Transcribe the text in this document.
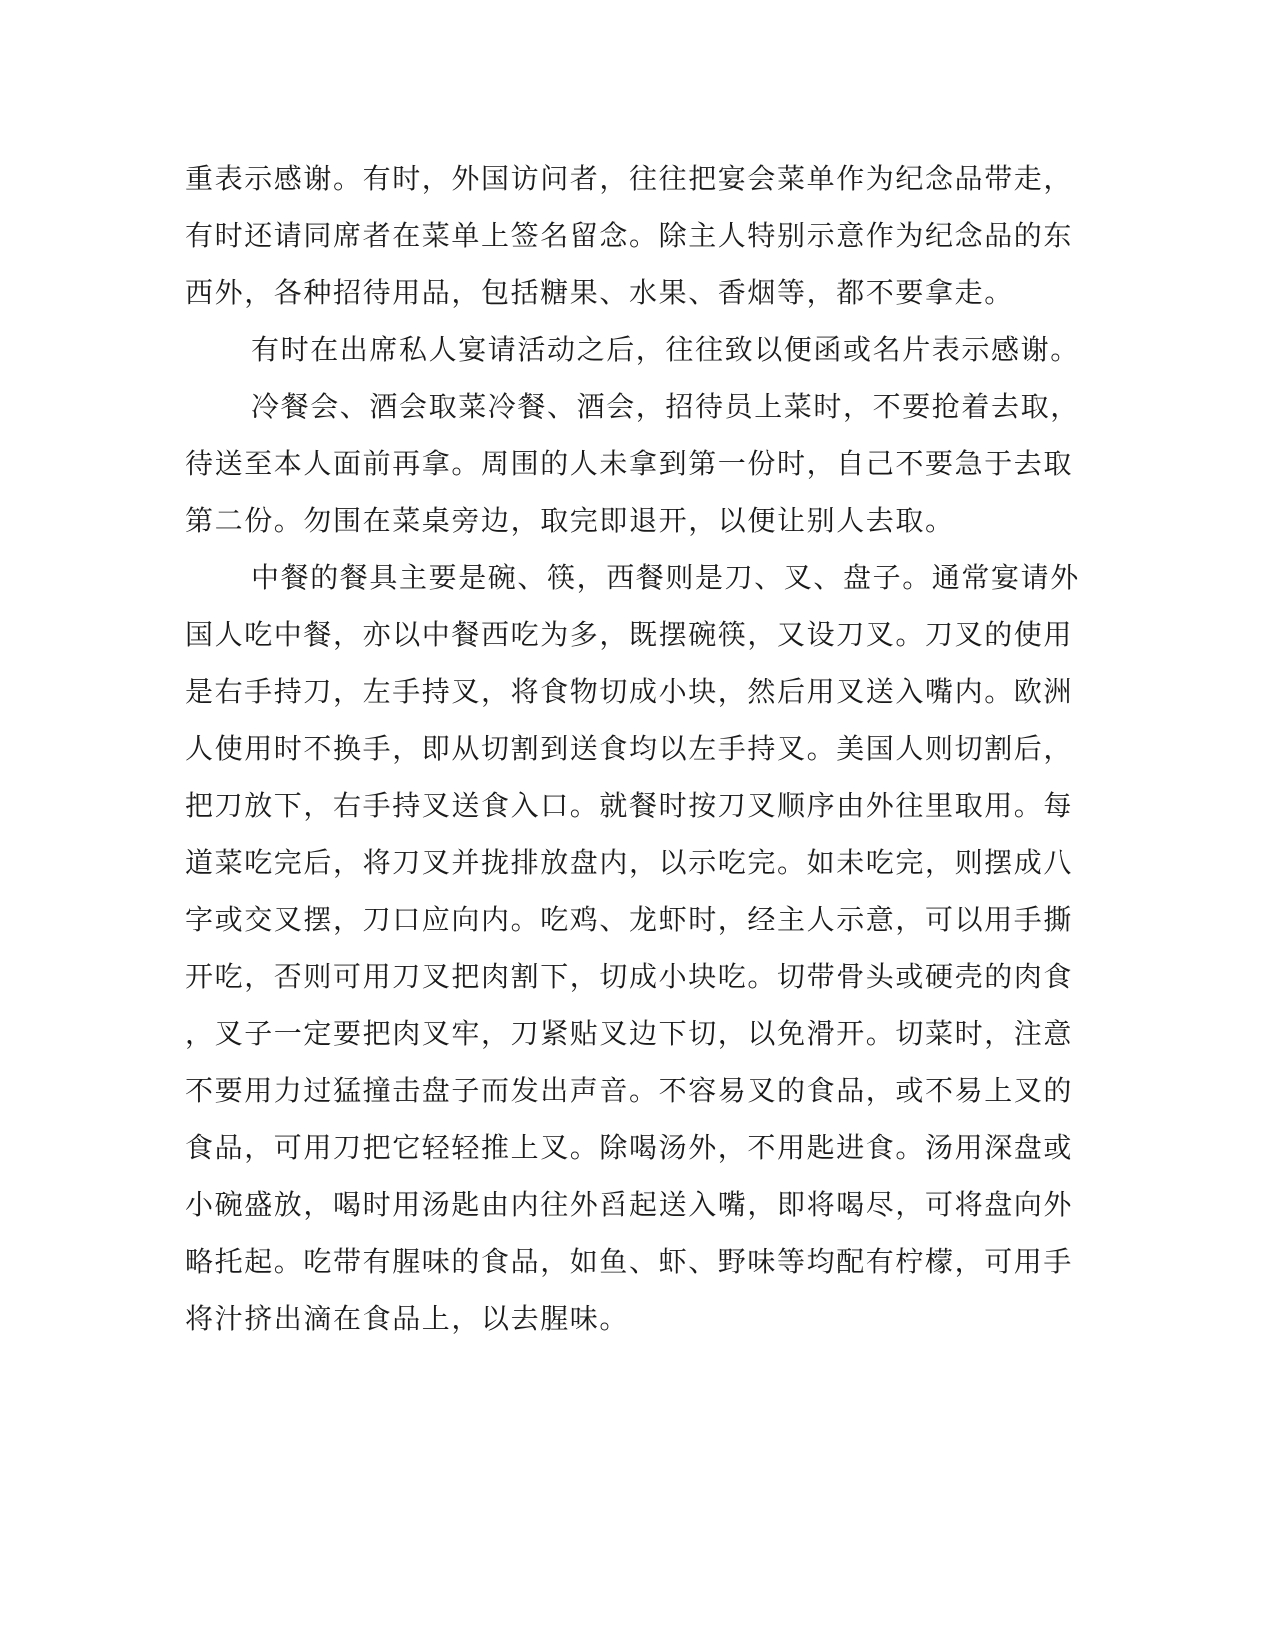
重表示感谢。有时，外国访问者，往往把宴会菜单作为纪念品带走，
有时还请同席者在菜单上签名留念。除主人特别示意作为纪念品的东
西外，各种招待用品，包括糖果、水果、香烟等，都不要拿走。
有时在出席私人宴请活动之后，往往致以便函或名片表示感谢。
冷餐会、酒会取菜冷餐、酒会，招待员上菜时，不要抢着去取，
待送至本人面前再拿。周围的人未拿到第一份时，自己不要急于去取
第二份。勿围在菜桌旁边，取完即退开，以便让别人去取。
中餐的餐具主要是碗、筷，西餐则是刀、叉、盘子。通常宴请外
国人吃中餐，亦以中餐西吃为多，既摆碗筷，又设刀叉。刀叉的使用
是右手持刀，左手持叉，将食物切成小块，然后用叉送入嘴内。欧洲
人使用时不换手，即从切割到送食均以左手持叉。美国人则切割后，
把刀放下，右手持叉送食入口。就餐时按刀叉顺序由外往里取用。每
道菜吃完后，将刀叉并拢排放盘内，以示吃完。如未吃完，则摆成八
字或交叉摆，刀口应向内。吃鸡、龙虾时，经主人示意，可以用手撕
开吃，否则可用刀叉把肉割下，切成小块吃。切带骨头或硬壳的肉食
，叉子一定要把肉叉牢，刀紧贴叉边下切，以免滑开。切菜时，注意
不要用力过猛撞击盘子而发出声音。不容易叉的食品，或不易上叉的
食品，可用刀把它轻轻推上叉。除喝汤外，不用匙进食。汤用深盘或
小碗盛放，喝时用汤匙由内往外舀起送入嘴，即将喝尽，可将盘向外
略托起。吃带有腥味的食品，如鱼、虾、野味等均配有柠檬，可用手
将汁挤出滴在食品上，以去腥味。
